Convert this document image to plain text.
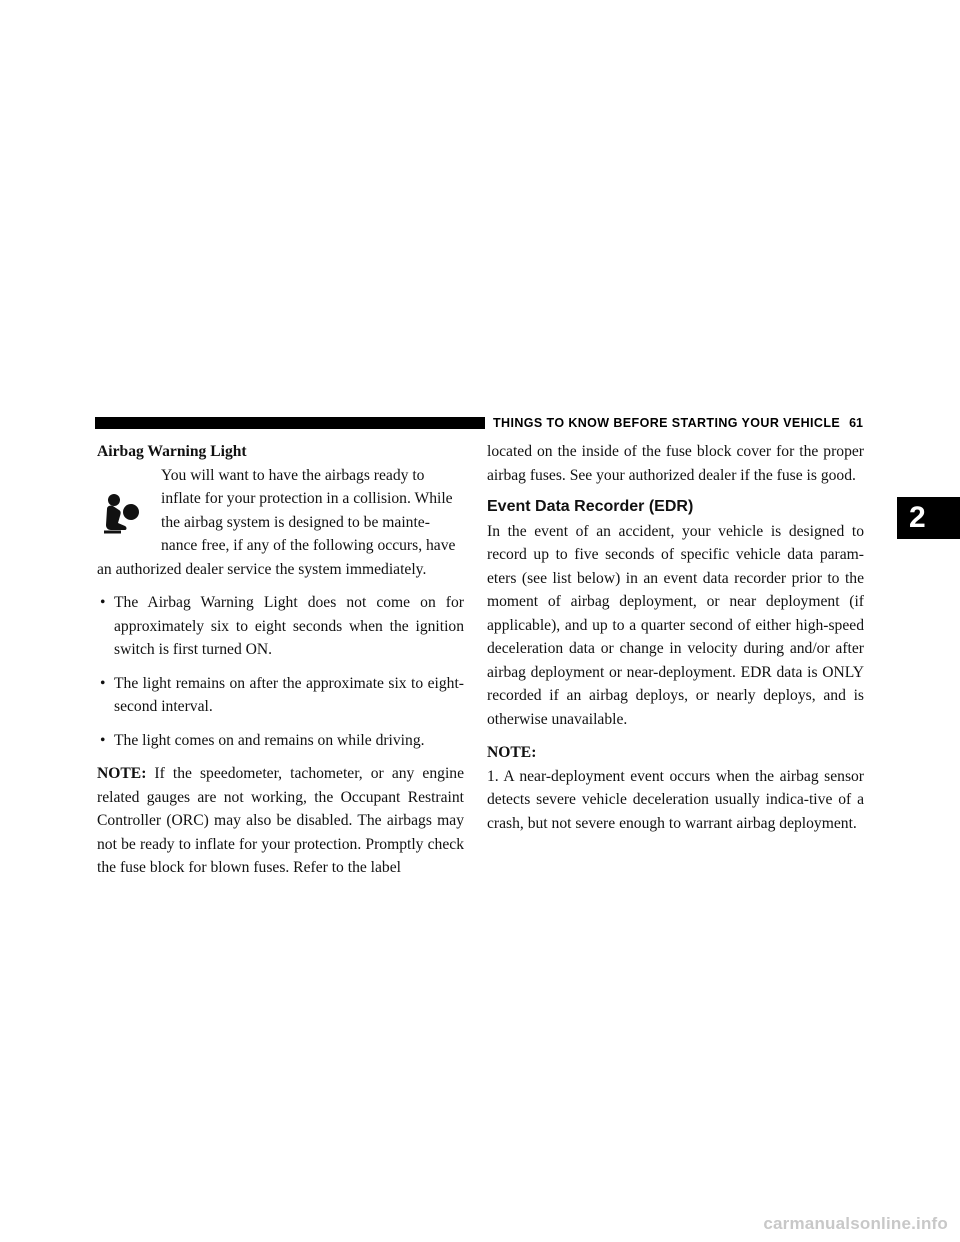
THINGS TO KNOW BEFORE STARTING YOUR VEHICLE 61
2

Airbag Warning Light

You will want to have the airbags ready to

inflate for your protection in a collision. While

the airbag system is designed to be mainte-

nance free, if any of the following occurs, have

an authorized dealer service the system immediately.

• The Airbag Warning Light does not come on for approximately six to eight seconds when the ignition switch is first turned ON.
• The light remains on after the approximate six to eight-second interval.
• The light comes on and remains on while driving.

NOTE: If the speedometer, tachometer, or any engine related gauges are not working, the Occupant Restraint Controller (ORC) may also be disabled. The airbags may not be ready to inflate for your protection. Promptly check the fuse block for blown fuses. Refer to the label

located on the inside of the fuse block cover for the proper airbag fuses. See your authorized dealer if the fuse is good.

Event Data Recorder (EDR)

In the event of an accident, your vehicle is designed to record up to five seconds of specific vehicle data param-eters (see list below) in an event data recorder prior to the moment of airbag deployment, or near deployment (if applicable), and up to a quarter second of either high-speed deceleration data or change in velocity during and/or after airbag deployment or near-deployment. EDR data is ONLY recorded if an airbag deploys, or nearly deploys, and is otherwise unavailable.

NOTE:

1. A near-deployment event occurs when the airbag sensor detects severe vehicle deceleration usually indica-tive of a crash, but not severe enough to warrant airbag deployment.

carmanualsonline.info
